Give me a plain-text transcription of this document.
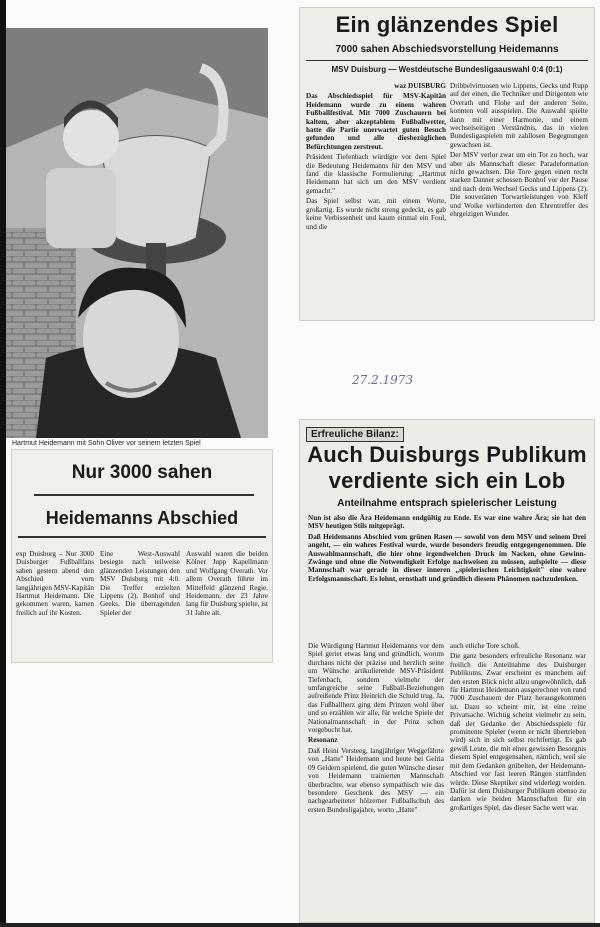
Hartmut Heidemann mit Sohn Oliver vor seinem letzten Spiel
Nur 3000 sahen
Heidemanns Abschied
exp Duisburg – Nur 3000 Duisburger Fußballfans sahen gestern abend den Abschied vom langjährigen MSV-Kapitän Hartmut Heidemann. Die gekommen waren, kamen freilich auf ihr Kosten.
Eine West-Auswahl besiegte nach teilweise glänzenden Leistungen den MSV Duisburg mit 4:0. Die Treffer erzielten Lippens (2), Bonhof und Geeks. Die überragenden Spieler der
Auswahl waren die beiden Kölner Jupp Kapellmann und Wolfgang Overath. Vor allem Overath führte im Mittelfeld glänzend Regie. Heidemann, der 23 Jahre lang für Duisburg spielte, ist 31 Jahre alt.
Ein glänzendes Spiel
7000 sahen Abschiedsvorstellung Heidemanns
MSV Duisburg — Westdeutsche Bundesligaauswahl 0:4 (0:1)

waz DUISBURG

Das Abschiedsspiel für MSV-Kapitän Heidemann wurde zu einem wahren Fußballfestival. Mit 7000 Zuschauern bei kaltem, aber akzeptablem Fußballwetter, hatte die Partie unerwartet guten Besuch gefunden und alle diesbezüglichen Befürchtungen zerstreut.

Präsident Tiefenbach würdigte vor dem Spiel die Bedeutung Heidemanns für den MSV und fand die klassische Formulierung: „Hartmut Heidemann hat sich um den MSV verdient gemacht."

Das Spiel selbst war, mit einem Worte, großartig. Es wurde nicht streng gedeckt, es gab keine Verbissenheit und kaum einmal ein Foul, und die

Dribbelvirtuosen wie Lippens, Gecks und Rupp auf der einen, die Techniker und Dirigenten wie Overath und Flohe auf der anderen Seite, konnten voll ausspielen. Die Auswahl spielte dann mit einer Harmonie, und einem wechselseitigen Verständnis, das in vielen Bundesligaspielen mit zahllosen Begegnungen gewachsen ist.

Der MSV verlor zwar um ein Tor zu hoch, war aber als Mannschaft dieser Paradeformation nicht gewachsen. Die Tore gegen einen recht starken Danner schossen Bonhof vor der Pause und nach dem Wechsel Gecks und Lippens (2). Die souveränen Torwartleistungen von Kleff und Woike verhinderten den Ehrentreffer des ehrgeizigen Wunder.

27.2.1973
Auch Duisburgs Publikum
verdiente sich ein Lob
Anteilnahme entsprach spielerischer Leistung

Nun ist also die Ära Heidemann endgültig zu Ende. Es war eine wahre Ära; sie hat den MSV heutigen Stils mitgeprägt.

Daß Heidemanns Abschied vom grünen Rasen — sowohl von dem MSV und seinem Drei angeht, — ein wahres Festival wurde, wurde besonders freudig entgegengenommen. Die Auswahlmannschaft, die hier ohne irgendwelchen Druck im Nacken, ohne Gewinn-Zwänge und ohne die Notwendigkeit Erfolge nachweisen zu müssen, aufspielte — diese Mannschaft war gerade in dieser inneren „spielerischen Leichtigkeit" eine wahre Erfolgsmannschaft. Es lohnt, ernsthaft und gründlich diesem Phänomen nachzudenken.

Die Würdigung Hartmut Heidemanns vor dem Spiel geriet etwas lang und gründlich, worum durchaus nicht der präzise und herzlich seine um Wünsche artikulierende MSV-Präsident Tiefenbach, sondern vielmehr der umfangreiche seine Fußball-Beziehungen aufreißende Prinz Heinrich die Schuld trug. Ja, das Fußballherz ging dem Prinzen wohl über und so erzählen wir alle, für welche Spiele der Nationalmannschaft in der Prinz schon vorgebucht hat.

Resonanz

Daß Heini Versteeg, langjähriger Weggefährte von „Hatte" Heidemann und heute bei Gelria 09 Geldern spielend, die guten Wünsche dieser von Heidemann trainierten Mannschaft überbrachte, war ebenso sympathisch wie das besondere Geschenk des MSV — ein nachgearbeiteter hölzerner Fußballschuh des ersten Bundesligajahre, worto „Hatte"

auch etliche Tore schoß.

Die ganz besonders erfreuliche Resonanz war freilich die Anteilnahme des Duisburger Publikums. Zwar erscheint es manchem auf den ersten Blick nicht allzu ungewöhnlich, daß für Hartmut Heidemann ausgerechnet von rund 7000 Zuschauern der Platz herausgekommen ist. Dazu so scheint mir, ist eine reine Privatsache. Wichtig scheint vielmehr zu sein, daß der Gedanke der Abschiedsspiele für prominente Spieler (wenn er nicht übertrieben wird) sich in sich selbst rechtfertigt. Es gab gewiß Leute, die mit einer gewissen Besorgnis diesem Spiel entgegensahen, nämlich, weil sie mit dem Gedanken grübelten, der Heidemann-Abschied vor fast leeren Rängen stattfinden würde. Diese Skeptiker sind widerlegt worden. Dafür ist dem Duisburger Publikum ebenso zu danken wie beiden Mannschaften für ein großartiges Spiel, das dieser Sache wert war.

Erfreuliche Bilanz:
